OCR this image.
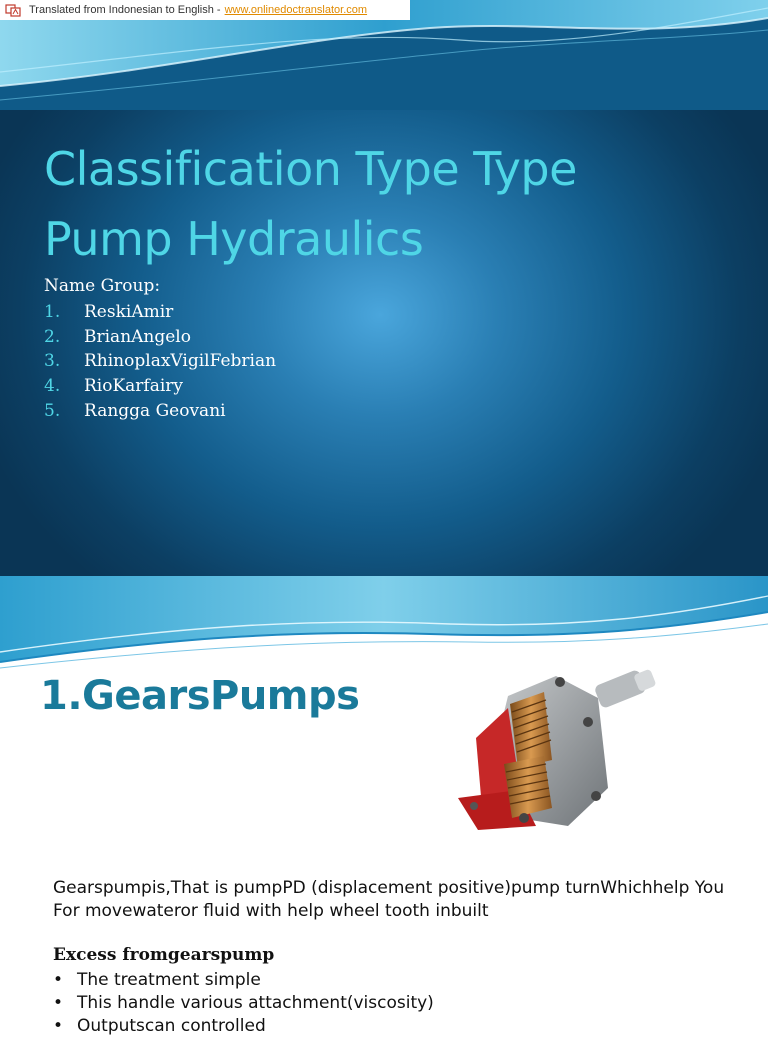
Translated from Indonesian to English - www.onlinedoctranslator.com
Classification Type Type
Pump Hydraulics
Name Group:
1.	ReskiAmir
2.	BrianAngelo
3.	RhinoplaxVigilFebrian
4.	RioKarfairy
5.	Rangga Geovani
1.GearsPumps
Gearspumpis,That is pumpPD (displacement positive)pump turnWhichhelp You For movewateror fluid with help wheel tooth inbuilt
Excess fromgearspump
• The treatment simple
• This handle various attachment(viscosity)
• Outputscan controlled
